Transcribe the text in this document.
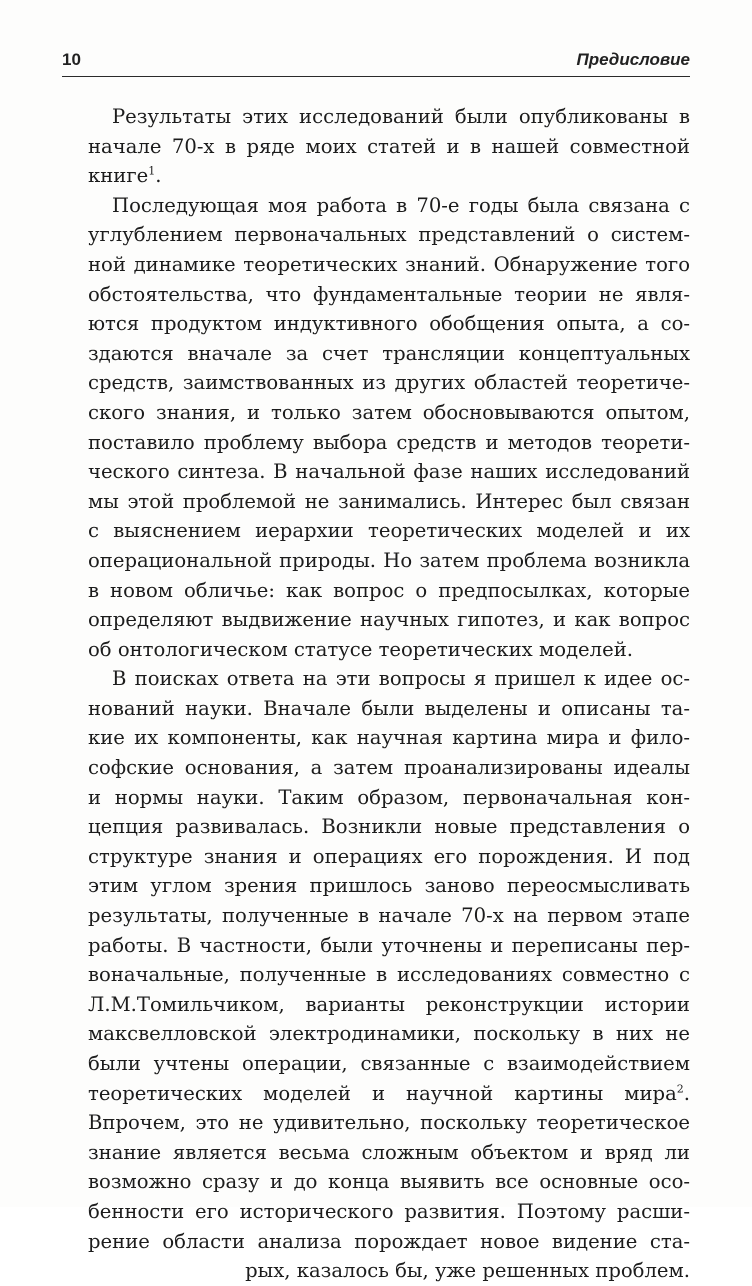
10	Предисловие
Результаты этих исследований были опубликованы в
начале 70-х в ряде моих статей и в нашей совместной
книге$^1$.
Последующая моя работа в 70-е годы была связана с
углублением первоначальных представлений о систем-
ной динамике теоретических знаний. Обнаружение того
обстоятельства, что фундаментальные теории не явля-
ются продуктом индуктивного обобщения опыта, а со-
здаются вначале за счет трансляции концептуальных
средств, заимствованных из других областей теоретиче-
ского знания, и только затем обосновываются опытом,
поставило проблему выбора средств и методов теорети-
ческого синтеза. В начальной фазе наших исследований
мы этой проблемой не занимались. Интерес был связан
с выяснением иерархии теоретических моделей и их
операциональной природы. Но затем проблема возникла
в новом обличье: как вопрос о предпосылках, которые
определяют выдвижение научных гипотез, и как вопрос
об онтологическом статусе теоретических моделей.
В поисках ответа на эти вопросы я пришел к идее ос-
нований науки. Вначале были выделены и описаны та-
кие их компоненты, как научная картина мира и фило-
софские основания, а затем проанализированы идеалы
и нормы науки. Таким образом, первоначальная кон-
цепция развивалась. Возникли новые представления о
структуре знания и операциях его порождения. И под
этим углом зрения пришлось заново переосмысливать
результаты, полученные в начале 70-х на первом этапе
работы. В частности, были уточнены и переписаны пер-
воначальные, полученные в исследованиях совместно с
Л.М.Томильчиком, варианты реконструкции истории
максвелловской электродинамики, поскольку в них не
были учтены операции, связанные с взаимодействием
теоретических моделей и научной картины мира$^2$.
Впрочем, это не удивительно, поскольку теоретическое
знание является весьма сложным объектом и вряд ли
возможно сразу и до конца выявить все основные осо-
бенности его исторического развития. Поэтому расши-
рение области анализа порождает новое видение ста-
рых, казалось бы, уже решенных проблем.
